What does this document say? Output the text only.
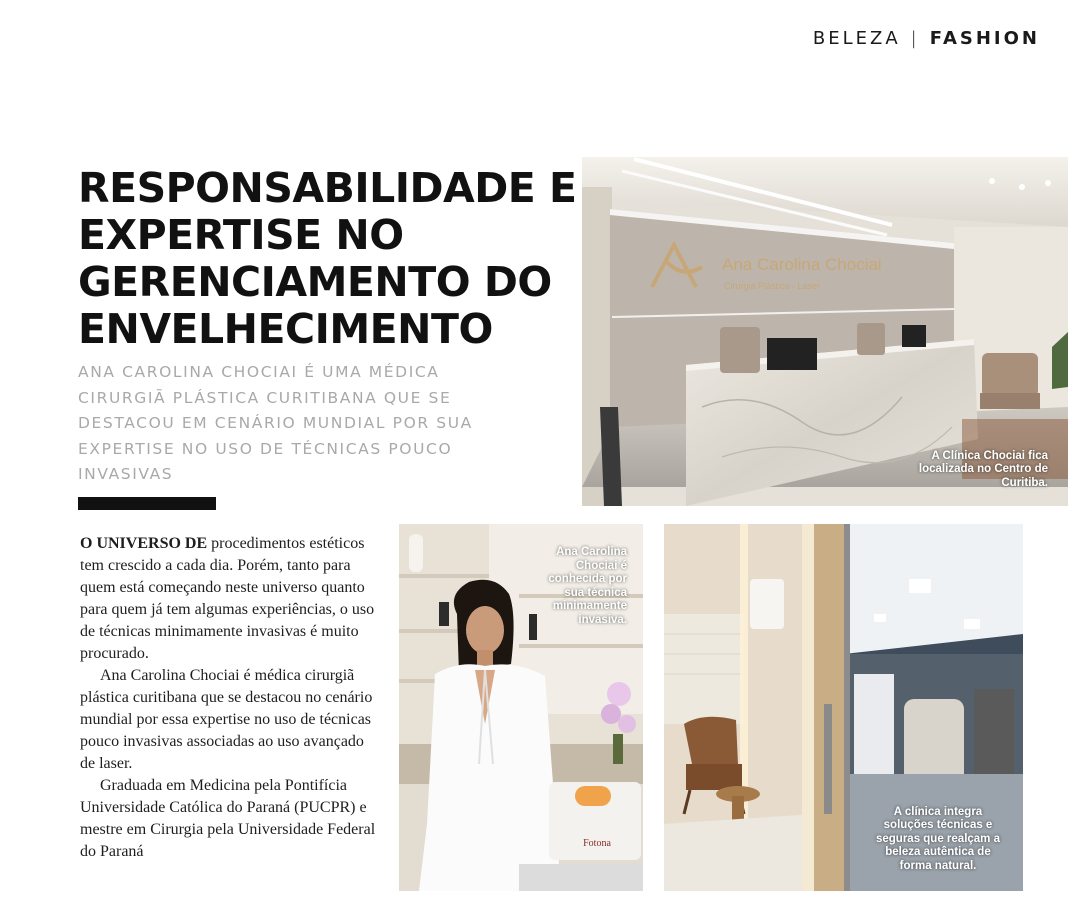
BELEZA | FASHION
RESPONSABILIDADE E EXPERTISE NO GERENCIAMENTO DO ENVELHECIMENTO

ANA CAROLINA CHOCIAI É UMA MÉDICA CIRURGIÃ PLÁSTICA CURITIBANA QUE SE DESTACOU EM CENÁRIO MUNDIAL POR SUA EXPERTISE NO USO DE TÉCNICAS POUCO INVASIVAS

O UNIVERSO DE procedimentos estéticos tem crescido a cada dia. Porém, tanto para quem está começando neste universo quanto para quem já tem algumas experiências, o uso de técnicas minimamente invasivas é muito procurado.

Ana Carolina Chociai é médica cirurgiã plástica curitibana que se destacou no cenário mundial por essa expertise no uso de técnicas pouco invasivas associadas ao uso avançado de laser.

Graduada em Medicina pela Pontifícia Universidade Católica do Paraná (PUCPR) e mestre em Cirurgia pela Universidade Federal do Paraná

Ana Carolina Chociai
Cirurgia Plástica - Laser
A Clínica Chociai fica localizada no Centro de Curitiba.
Fotona
Ana Carolina Chociai é conhecida por sua técnica minimamente invasiva.
A clínica integra soluções técnicas e seguras que realçam a beleza autêntica de forma natural.
